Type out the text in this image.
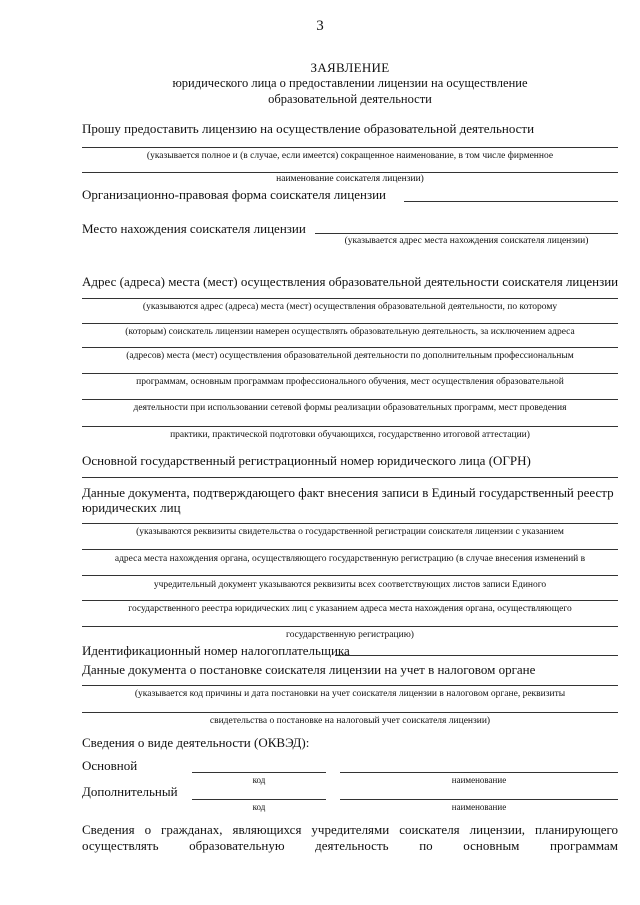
3
ЗАЯВЛЕНИЕ
юридического лица о предоставлении лицензии на осуществление
образовательной деятельности
Прошу предоставить лицензию на осуществление образовательной деятельности
(указывается полное и (в случае, если имеется) сокращенное наименование, в том числе фирменное
наименование соискателя лицензии)
Организационно-правовая форма соискателя лицензии
Место нахождения соискателя лицензии
(указывается адрес места нахождения соискателя лицензии)
Адрес (адреса) места (мест) осуществления образовательной деятельности соискателя лицензии
(указываются адрес (адреса) места (мест) осуществления образовательной деятельности, по которому
(которым) соискатель лицензии намерен осуществлять образовательную деятельность, за исключением адреса
(адресов) места (мест) осуществления образовательной деятельности по дополнительным профессиональным
программам, основным программам профессионального обучения, мест осуществления образовательной
деятельности при использовании сетевой формы реализации образовательных программ, мест проведения
практики, практической подготовки обучающихся, государственно итоговой аттестации)
Основной государственный регистрационный номер юридического лица (ОГРН)
Данные документа, подтверждающего факт внесения записи в Единый государственный реестр
юридических лиц
(указываются реквизиты свидетельства о государственной регистрации соискателя лицензии с указанием
адреса места нахождения органа, осуществляющего государственную регистрацию (в случае внесения изменений в
учредительный документ указываются реквизиты всех соответствующих листов записи Единого
государственного реестра юридических лиц с указанием адреса места нахождения органа, осуществляющего
государственную регистрацию)
Идентификационный номер налогоплательщика
Данные документа о постановке соискателя лицензии на учет в налоговом органе
(указывается код причины и дата постановки на учет соискателя лицензии в налоговом органе, реквизиты
свидетельства о постановке на налоговый учет соискателя лицензии)
Сведения о виде деятельности (ОКВЭД):
Основной
код	наименование
Дополнительный
код	наименование
Сведения о гражданах, являющихся учредителями соискателя лицензии, планирующего
осуществлять образовательную деятельность по основным программам
